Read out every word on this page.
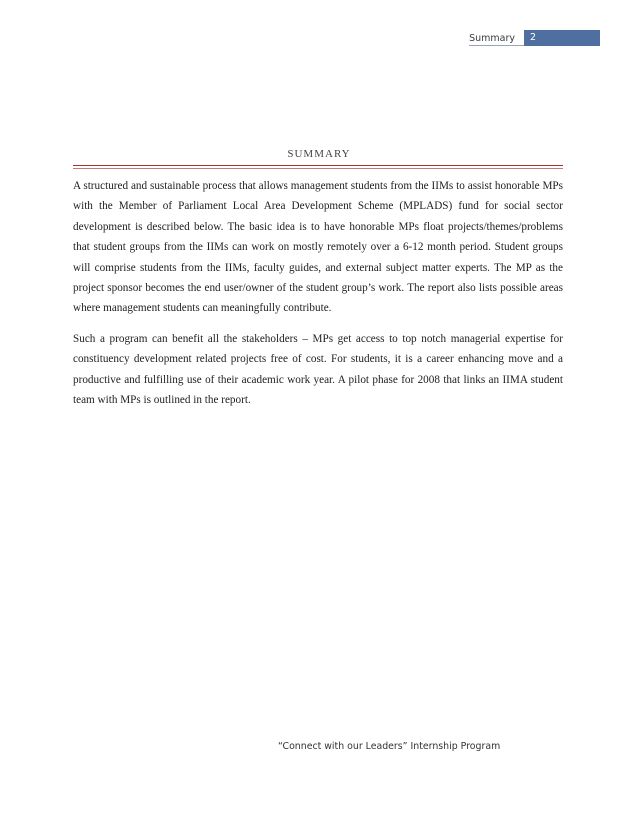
Summary	2
SUMMARY

A structured and sustainable process that allows management students from the IIMs to assist honorable MPs with the Member of Parliament Local Area Development Scheme (MPLADS) fund for social sector development is described below. The basic idea is to have honorable MPs float projects/themes/problems that student groups from the IIMs can work on mostly remotely over a 6-12 month period. Student groups will comprise students from the IIMs, faculty guides, and external subject matter experts. The MP as the project sponsor becomes the end user/owner of the student group’s work. The report also lists possible areas where management students can meaningfully contribute.

Such a program can benefit all the stakeholders – MPs get access to top notch managerial expertise for constituency development related projects free of cost. For students, it is a career enhancing move and a productive and fulfilling use of their academic work year. A pilot phase for 2008 that links an IIMA student team with MPs is outlined in the report.

“Connect with our Leaders” Internship Program
